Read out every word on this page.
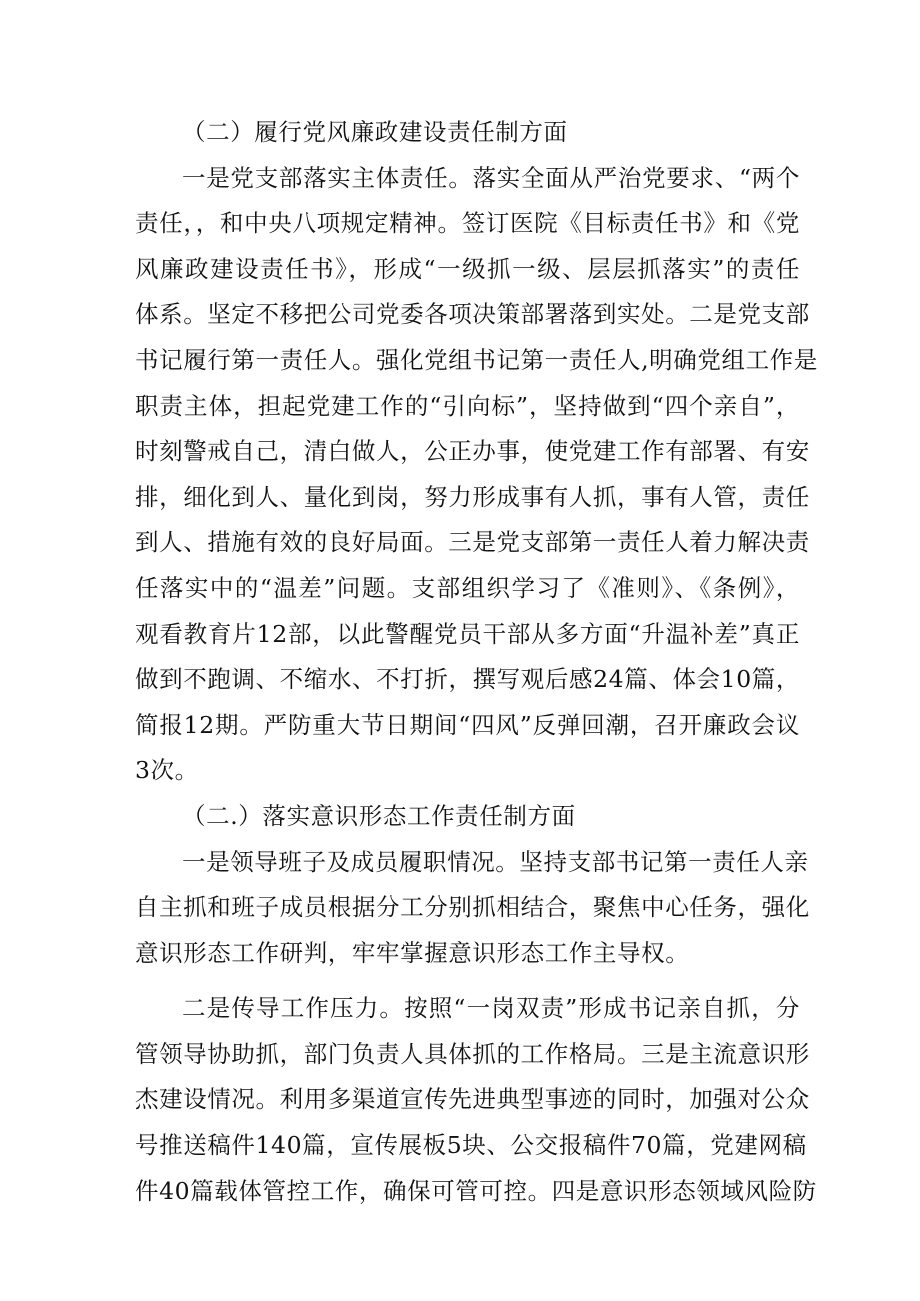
（二）履行党风廉政建设责任制方面
一是党支部落实主体责任。落实全面从严治党要求、“两个
责任，，和中央八项规定精神。签订医院《目标责任书》和《党
风廉政建设责任书》，形成“一级抓一级、层层抓落实”的责任
体系。坚定不移把公司党委各项决策部署落到实处。二是党支部
书记履行第一责任人。强化党组书记第一责任人,明确党组工作是
职责主体，担起党建工作的“引向标”，坚持做到“四个亲自”，
时刻警戒自己，清白做人，公正办事，使党建工作有部署、有安
排，细化到人、量化到岗，努力形成事有人抓，事有人管，责任
到人、措施有效的良好局面。三是党支部第一责任人着力解决责
任落实中的“温差”问题。支部组织学习了《准则》、《条例》，
观看教育片12部，以此警醒党员干部从多方面“升温补差”真正
做到不跑调、不缩水、不打折，撰写观后感24篇、体会10篇，
简报12期。严防重大节日期间“四风”反弹回潮，召开廉政会议
3次。
（二.）落实意识形态工作责任制方面
一是领导班子及成员履职情况。坚持支部书记第一责任人亲
自主抓和班子成员根据分工分别抓相结合，聚焦中心任务，强化
意识形态工作研判，牢牢掌握意识形态工作主导权。
二是传导工作压力。按照“一岗双责”形成书记亲自抓，分
管领导协助抓，部门负责人具体抓的工作格局。三是主流意识形
杰建设情况。利用多渠道宣传先进典型事迹的同时，加强对公众
号推送稿件140篇，宣传展板5块、公交报稿件70篇，党建网稿
件40篇载体管控工作，确保可管可控。四是意识形态领域风险防
